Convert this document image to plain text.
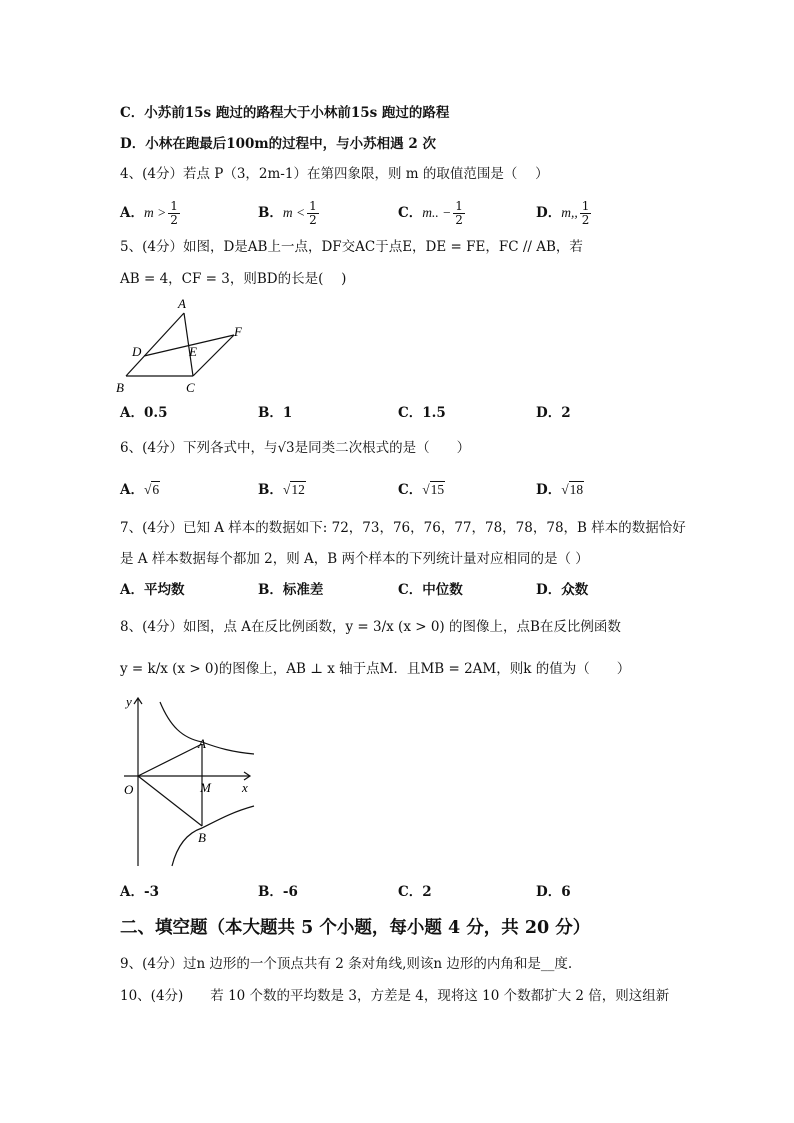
C．小苏前15s 跑过的路程大于小林前15s 跑过的路程
D．小林在跑最后100m的过程中，与小苏相遇 2 次
4、(4分）若点 P（3，2m-1）在第四象限，则 m 的取值范围是（　 ）
A．$m > \frac{1}{2}$	B．$m < \frac{1}{2}$	C．m.. − $\frac{1}{2}$	D．m,, $\frac{1}{2}$
5、(4分）如图，D是AB上一点，DF交AC于点E，DE = FE，FC // AB，若
AB = 4，CF = 3，则BD的长是(　 )
A
B	C
D	E
F
A．0.5	B．1	C．1.5	D．2
6、(4分）下列各式中，与√3是同类二次根式的是（　　）
A．√6	B．√12	C．√15	D．√18
7、(4分）已知 A 样本的数据如下: 72，73，76，76，77，78，78，78，B 样本的数据恰好
是 A 样本数据每个都加 2，则 A，B 两个样本的下列统计量对应相同的是（ ）
A．平均数	B．标准差	C．中位数	D．众数
8、(4分）如图，点 A在反比例函数，y = 3/x (x > 0) 的图像上，点B在反比例函数
y = k/x (x > 0)的图像上，AB ⊥ x 轴于点M．且MB = 2AM，则k 的值为（　　）
y
x
O
A
B
M
A．-3	B．-6	C．2	D．6
二、填空题（本大题共 5 个小题，每小题 4 分，共 20 分）
9、(4分）过n 边形的一个顶点共有 2 条对角线,则该n 边形的内角和是__度.
10、(4分)　　若 10 个数的平均数是 3，方差是 4，现将这 10 个数都扩大 2 倍，则这组新
